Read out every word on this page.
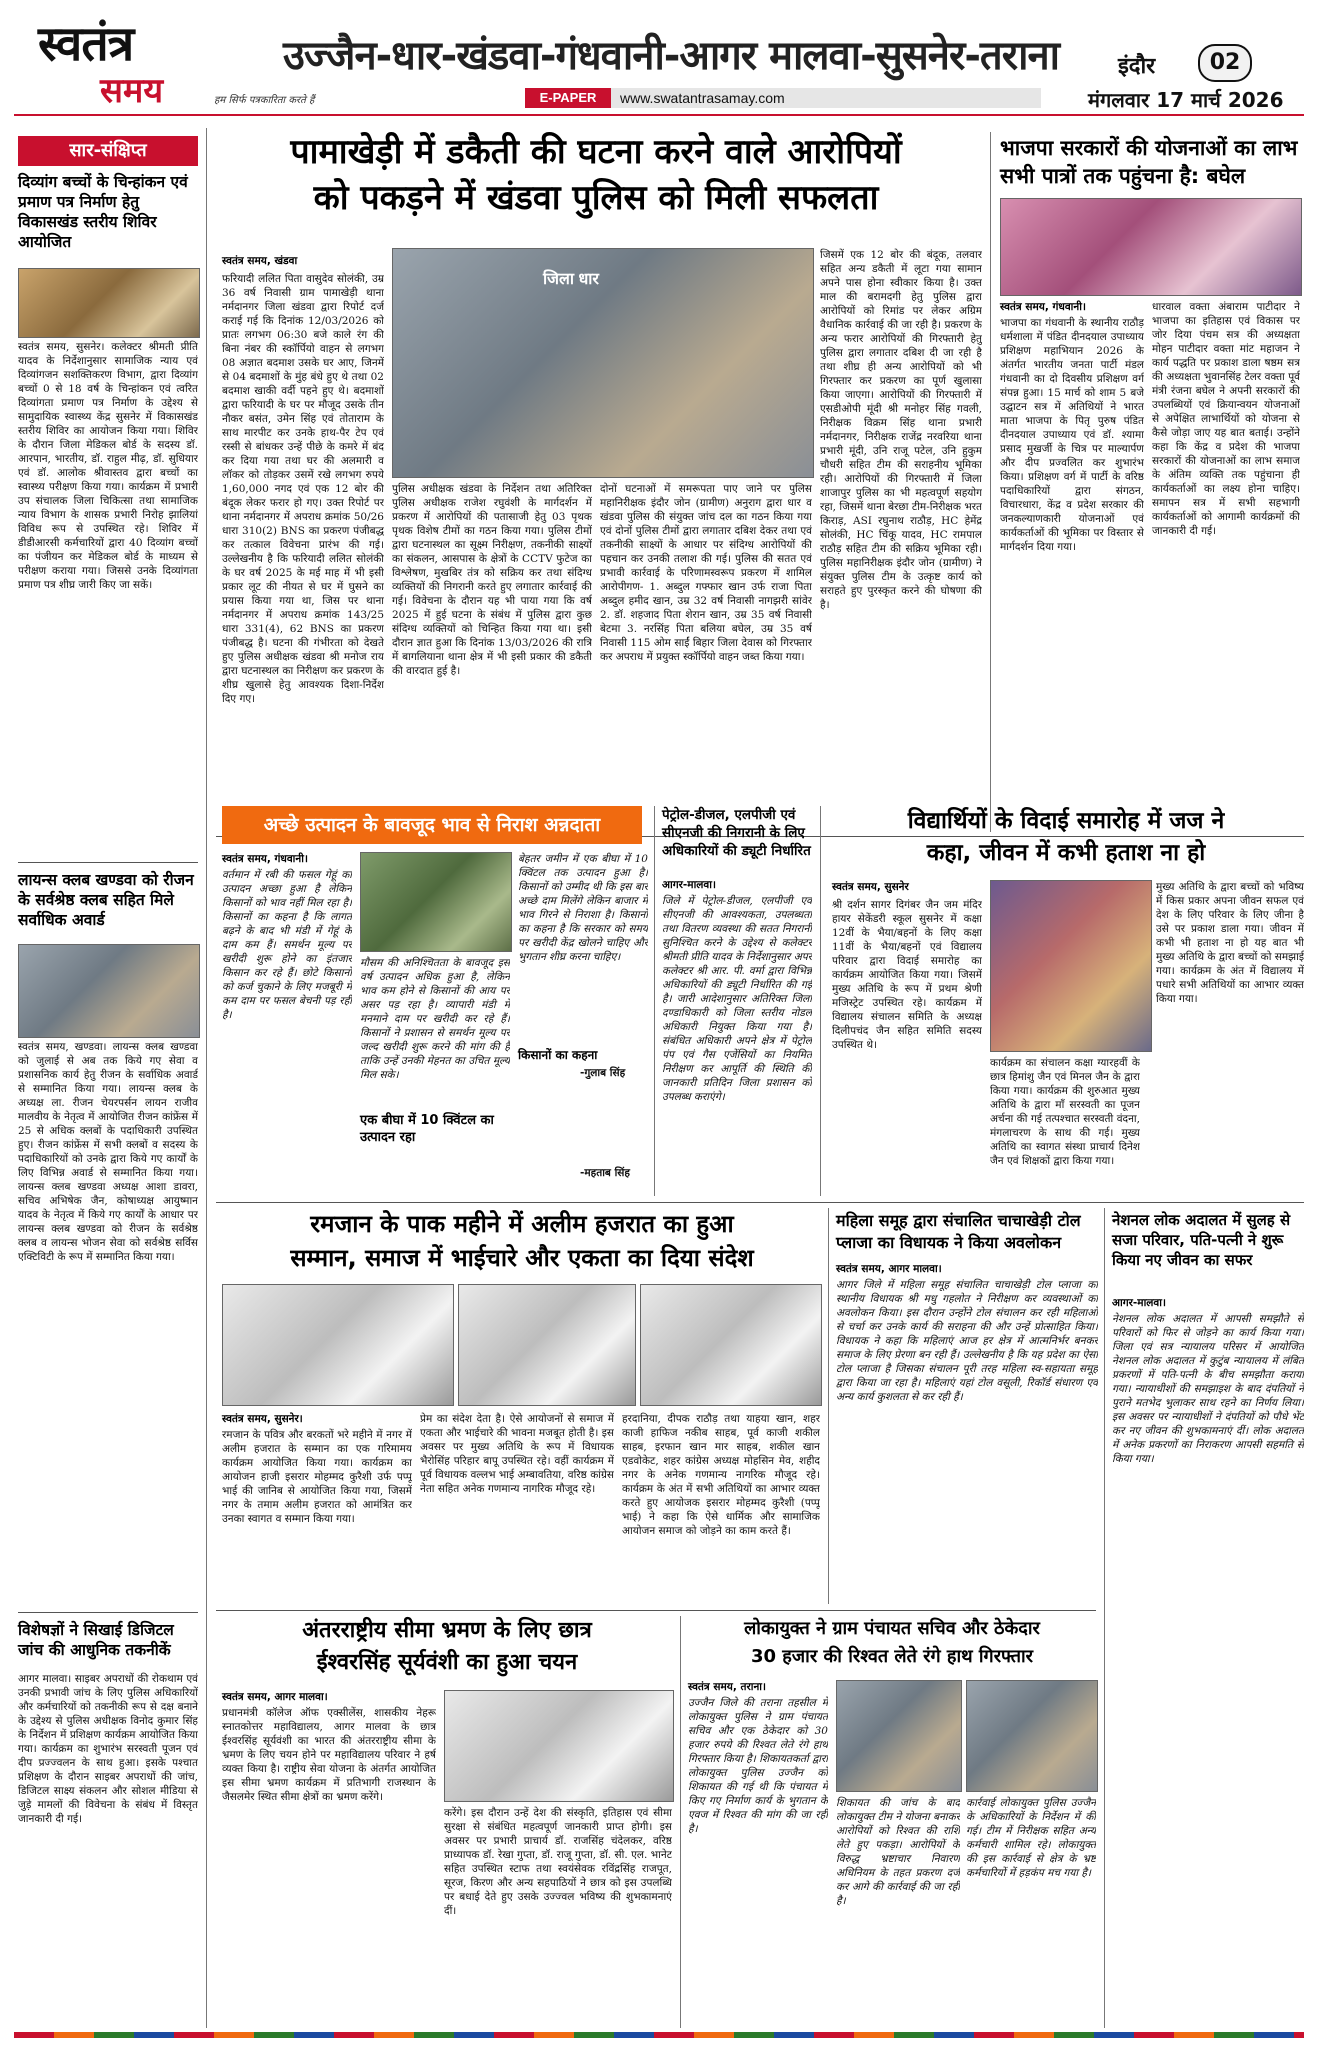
स्वतंत्र
समय	हम सिर्फ पत्रकारिता करते हैं
उज्जैन-धार-खंडवा-गंधवानी-आगर मालवा-सुसनेर-तराना
E-PAPER	www.swatantrasamay.com
इंदौर	02
मंगलवार 17 मार्च 2026
सार-संक्षिप्त
दिव्यांग बच्चों के चिन्हांकन एवं प्रमाण पत्र निर्माण हेतु विकासखंड स्तरीय शिविर आयोजित
स्वतंत्र समय, सुसनेर। कलेक्टर श्रीमती प्रीति यादव के निर्देशानुसार सामाजिक न्याय एवं दिव्यांगजन सशक्तिकरण विभाग, द्वारा दिव्यांग बच्चों 0 से 18 वर्ष के चिन्हांकन एवं त्वरित दिव्यांगता प्रमाण पत्र निर्माण के उद्देश्य से सामुदायिक स्वास्थ्य केंद्र सुसनेर में विकासखंड स्तरीय शिविर का आयोजन किया गया। शिविर के दौरान जिला मेडिकल बोर्ड के सदस्य डॉ. आरपान, भारतीय, डॉ. राहुल मीढ़, डॉ. सुधियार एवं डॉ. आलोक श्रीवास्तव द्वारा बच्चों का स्वास्थ्य परीक्षण किया गया। कार्यक्रम में प्रभारी उप संचालक जिला चिकित्सा तथा सामाजिक न्याय विभाग के शासक प्रभारी निरोह झालियां विविध रूप से उपस्थित रहे। शिविर में डीडीआरसी कर्मचारियों द्वारा 40 दिव्यांग बच्चों का पंजीयन कर मेडिकल बोर्ड के माध्यम से परीक्षण कराया गया। जिससे उनके दिव्यांगता प्रमाण पत्र शीघ्र जारी किए जा सकें।
लायन्स क्लब खण्डवा को रीजन के सर्वश्रेष्ठ क्लब सहित मिले सर्वाधिक अवार्ड
स्वतंत्र समय, खण्डवा। लायन्स क्लब खण्डवा को जुलाई से अब तक किये गए सेवा व प्रशासनिक कार्य हेतु रीजन के सर्वाधिक अवार्ड से सम्मानित किया गया। लायन्स क्लब के अध्यक्ष ला. रीजन चेयरपर्सन लायन राजीव मालवीय के नेतृत्व में आयोजित रीजन कांफ्रेंस में 25 से अधिक क्लबों के पदाधिकारी उपस्थित हुए। रीजन कांफ्रेंस में सभी क्लबों व सदस्य के पदाधिकारियों को उनके द्वारा किये गए कार्यों के लिए विभिन्न अवार्ड से सम्मानित किया गया। लायन्स क्लब खण्डवा अध्यक्ष आशा डावरा, सचिव अभिषेक जैन, कोषाध्यक्ष आयुष्मान यादव के नेतृत्व में किये गए कार्यों के आधार पर लायन्स क्लब खण्डवा को रीजन के सर्वश्रेष्ठ क्लब व लायन्स भोजन सेवा को सर्वश्रेष्ठ सर्विस एक्टिविटी के रूप में सम्मानित किया गया।
विशेषज्ञों ने सिखाई डिजिटल जांच की आधुनिक तकनीकें
आगर मालवा। साइबर अपराधों की रोकथाम एवं उनकी प्रभावी जांच के लिए पुलिस अधिकारियों और कर्मचारियों को तकनीकी रूप से दक्ष बनाने के उद्देश्य से पुलिस अधीक्षक विनोद कुमार सिंह के निर्देशन में प्रशिक्षण कार्यक्रम आयोजित किया गया। कार्यक्रम का शुभारंभ सरस्वती पूजन एवं दीप प्रज्ज्वलन के साथ हुआ। इसके पश्चात प्रशिक्षण के दौरान साइबर अपराधों की जांच, डिजिटल साक्ष्य संकलन और सोशल मीडिया से जुड़े मामलों की विवेचना के संबंध में विस्तृत जानकारी दी गई।
पामाखेड़ी में डकैती की घटना करने वाले आरोपियों
को पकड़ने में खंडवा पुलिस को मिली सफलता
स्वतंत्र समय, खंडवा
फरियादी ललित पिता वासुदेव सोलंकी, उम्र 36 वर्ष निवासी ग्राम पामाखेड़ी थाना नर्मदानगर जिला खंडवा द्वारा रिपोर्ट दर्ज कराई गई कि दिनांक 12/03/2026 को प्रातः लगभग 06:30 बजे काले रंग की बिना नंबर की स्कॉर्पियो वाहन से लगभग 08 अज्ञात बदमाश उसके घर आए, जिनमें से 04 बदमाशों के मुंह बंधे हुए थे तथा 02 बदमाश खाकी वर्दी पहने हुए थे। बदमाशों द्वारा फरियादी के घर पर मौजूद उसके तीन नौकर बसंत, उमेन सिंह एवं तोताराम के साथ मारपीट कर उनके हाथ-पैर टेप एवं रस्सी से बांधकर उन्हें पीछे के कमरे में बंद कर दिया गया तथा घर की अलमारी व लॉकर को तोड़कर उसमें रखे लगभग रुपये 1,60,000 नगद एवं एक 12 बोर की बंदूक लेकर फरार हो गए। उक्त रिपोर्ट पर थाना नर्मदानगर में अपराध क्रमांक 50/26 धारा 310(2) BNS का प्रकरण पंजीबद्ध कर तत्काल विवेचना प्रारंभ की गई। उल्लेखनीय है कि फरियादी ललित सोलंकी के घर वर्ष 2025 के मई माह में भी इसी प्रकार लूट की नीयत से घर में घुसने का प्रयास किया गया था, जिस पर थाना नर्मदानगर में अपराध क्रमांक 143/25 धारा 331(4), 62 BNS का प्रकरण पंजीबद्ध है। घटना की गंभीरता को देखते हुए पुलिस अधीक्षक खंडवा श्री मनोज राय द्वारा घटनास्थल का निरीक्षण कर प्रकरण के शीघ्र खुलासे हेतु आवश्यक दिशा-निर्देश दिए गए।
जिला धार
पुलिस अधीक्षक खंडवा के निर्देशन तथा अतिरिक्त पुलिस अधीक्षक राजेश रघुवंशी के मार्गदर्शन में प्रकरण में आरोपियों की पतासाजी हेतु 03 पृथक पृथक विशेष टीमों का गठन किया गया। पुलिस टीमों द्वारा घटनास्थल का सूक्ष्म निरीक्षण, तकनीकी साक्ष्यों का संकलन, आसपास के क्षेत्रों के CCTV फुटेज का विश्लेषण, मुखबिर तंत्र को सक्रिय कर तथा संदिग्ध व्यक्तियों की निगरानी करते हुए लगातार कार्रवाई की गई। विवेचना के दौरान यह भी पाया गया कि वर्ष 2025 में हुई घटना के संबंध में पुलिस द्वारा कुछ संदिग्ध व्यक्तियों को चिन्हित किया गया था। इसी दौरान ज्ञात हुआ कि दिनांक 13/03/2026 की रात्रि में बागलियाना थाना क्षेत्र में भी इसी प्रकार की डकैती की वारदात हुई है।
दोनों घटनाओं में समरूपता पाए जाने पर पुलिस महानिरीक्षक इंदौर जोन (ग्रामीण) अनुराग द्वारा धार व खंडवा पुलिस की संयुक्त जांच दल का गठन किया गया एवं दोनों पुलिस टीमों द्वारा लगातार दबिश देकर तथा एवं तकनीकी साक्ष्यों के आधार पर संदिग्ध आरोपियों की पहचान कर उनकी तलाश की गई। पुलिस की सतत एवं प्रभावी कार्रवाई के परिणामस्वरूप प्रकरण में शामिल आरोपीगण- 1. अब्दुल गफ्फार खान उर्फ राजा पिता अब्दुल हमीद खान, उम्र 32 वर्ष निवासी नागझरी सांवेर 2. डॉ. शहजाद पिता शेरान खान, उम्र 35 वर्ष निवासी बेटमा 3. नरसिंह पिता बलिया बघेल, उम्र 35 वर्ष निवासी 115 ओम साईं बिहार जिला देवास को गिरफ्तार कर अपराध में प्रयुक्त स्कॉर्पियो वाहन जब्त किया गया।
जिसमें एक 12 बोर की बंदूक, तलवार सहित अन्य डकैती में लूटा गया सामान अपने पास होना स्वीकार किया है। उक्त माल की बरामदगी हेतु पुलिस द्वारा आरोपियों को रिमांड पर लेकर अग्रिम वैधानिक कार्रवाई की जा रही है। प्रकरण के अन्य फरार आरोपियों की गिरफ्तारी हेतु पुलिस द्वारा लगातार दबिश दी जा रही है तथा शीघ्र ही अन्य आरोपियों को भी गिरफ्तार कर प्रकरण का पूर्ण खुलासा किया जाएगा। आरोपियों की गिरफ्तारी में एसडीओपी मूंदी श्री मनोहर सिंह गवली, निरीक्षक विक्रम सिंह थाना प्रभारी नर्मदानगर, निरीक्षक राजेंद्र नरवरिया थाना प्रभारी मूंदी, उनि राजू पटेल, उनि हुकुम चौधरी सहित टीम की सराहनीय भूमिका रही। आरोपियों की गिरफ्तारी में जिला शाजापुर पुलिस का भी महत्वपूर्ण सहयोग रहा, जिसमें थाना बेरछा टीम-निरीक्षक भरत किराड़, ASI रघुनाथ राठौड़, HC हेमेंद्र सोलंकी, HC चिंकू यादव, HC रामपाल राठौड़ सहित टीम की सक्रिय भूमिका रही। पुलिस महानिरीक्षक इंदौर जोन (ग्रामीण) ने संयुक्त पुलिस टीम के उत्कृष्ट कार्य को सराहते हुए पुरस्कृत करने की घोषणा की है।
भाजपा सरकारों की योजनाओं का लाभ सभी पात्रों तक पहुंचना है: बघेल
स्वतंत्र समय, गंधवानी।
भाजपा का गंधवानी के स्थानीय राठौड़ धर्मशाला में पंडित दीनदयाल उपाध्याय प्रशिक्षण महाभियान 2026 के अंतर्गत भारतीय जनता पार्टी मंडल गंधवानी का दो दिवसीय प्रशिक्षण वर्ग संपन्न हुआ। 15 मार्च को शाम 5 बजे उद्घाटन सत्र में अतिथियों ने भारत माता भाजपा के पितृ पुरुष पंडित दीनदयाल उपाध्याय एवं डॉ. श्यामा प्रसाद मुखर्जी के चित्र पर माल्यार्पण और दीप प्रज्वलित कर शुभारंभ किया। प्रशिक्षण वर्ग में पार्टी के वरिष्ठ पदाधिकारियों द्वारा संगठन, विचारधारा, केंद्र व प्रदेश सरकार की जनकल्याणकारी योजनाओं एवं कार्यकर्ताओं की भूमिका पर विस्तार से मार्गदर्शन दिया गया।
धारवाल वक्ता अंबाराम पाटीदार ने भाजपा का इतिहास एवं विकास पर जोर दिया पंचम सत्र की अध्यक्षता मोहन पाटीदार वक्ता मांट महाजन ने कार्य पद्धति पर प्रकाश डाला षष्ठम सत्र की अध्यक्षता भुवानसिंह टेलर वक्ता पूर्व मंत्री रंजना बघेल ने अपनी सरकारों की उपलब्धियों एवं क्रियान्वयन योजनाओं से अपेक्षित लाभार्थियों को योजना से कैसे जोड़ा जाए यह बात बताई। उन्होंने कहा कि केंद्र व प्रदेश की भाजपा सरकारों की योजनाओं का लाभ समाज के अंतिम व्यक्ति तक पहुंचाना ही कार्यकर्ताओं का लक्ष्य होना चाहिए। समापन सत्र में सभी सहभागी कार्यकर्ताओं को आगामी कार्यक्रमों की जानकारी दी गई।
अच्छे उत्पादन के बावजूद भाव से निराश अन्नदाता
स्वतंत्र समय, गंधवानी।
वर्तमान में रबी की फसल गेहूं का उत्पादन अच्छा हुआ है लेकिन किसानों को भाव नहीं मिल रहा है। किसानों का कहना है कि लागत बढ़ने के बाद भी मंडी में गेहूं के दाम कम हैं। समर्थन मूल्य पर खरीदी शुरू होने का इंतजार किसान कर रहे हैं। छोटे किसानों को कर्ज चुकाने के लिए मजबूरी में कम दाम पर फसल बेचनी पड़ रही है।
मौसम की अनिश्चितता के बावजूद इस वर्ष उत्पादन अधिक हुआ है, लेकिन भाव कम होने से किसानों की आय पर असर पड़ रहा है। व्यापारी मंडी में मनमाने दाम पर खरीदी कर रहे हैं। किसानों ने प्रशासन से समर्थन मूल्य पर जल्द खरीदी शुरू करने की मांग की है ताकि उन्हें उनकी मेहनत का उचित मूल्य मिल सके।
एक बीघा में 10 क्विंटल का उत्पादन रहा
बेहतर जमीन में एक बीघा में 10 क्विंटल तक उत्पादन हुआ है। किसानों को उम्मीद थी कि इस बार अच्छे दाम मिलेंगे लेकिन बाजार में भाव गिरने से निराशा है। किसानों का कहना है कि सरकार को समय पर खरीदी केंद्र खोलने चाहिए और भुगतान शीघ्र करना चाहिए।
किसानों का कहना
-गुलाब सिंह
-महताब सिंह
पेट्रोल-डीजल, एलपीजी एवं सीएनजी की निगरानी के लिए अधिकारियों की ड्यूटी निर्धारित
आगर-मालवा।
जिले में पेट्रोल-डीजल, एलपीजी एवं सीएनजी की आवश्यकता, उपलब्धता तथा वितरण व्यवस्था की सतत निगरानी सुनिश्चित करने के उद्देश्य से कलेक्टर श्रीमती प्रीति यादव के निर्देशानुसार अपर कलेक्टर श्री आर. पी. वर्मा द्वारा विभिन्न अधिकारियों की ड्यूटी निर्धारित की गई है। जारी आदेशानुसार अतिरिक्त जिला दण्डाधिकारी को जिला स्तरीय नोडल अधिकारी नियुक्त किया गया है। संबंधित अधिकारी अपने क्षेत्र में पेट्रोल पंप एवं गैस एजेंसियों का नियमित निरीक्षण कर आपूर्ति की स्थिति की जानकारी प्रतिदिन जिला प्रशासन को उपलब्ध कराएंगे।
विद्यार्थियों के विदाई समारोह में जज ने
कहा, जीवन में कभी हताश ना हो
स्वतंत्र समय, सुसनेर
श्री दर्शन सागर दिगंबर जैन जम मंदिर हायर सेकेंडरी स्कूल सुसनेर में कक्षा 12वीं के भैया/बहनों के लिए कक्षा 11वीं के भैया/बहनों एवं विद्यालय परिवार द्वारा विदाई समारोह का कार्यक्रम आयोजित किया गया। जिसमें मुख्य अतिथि के रूप में प्रथम श्रेणी मजिस्ट्रेट उपस्थित रहे। कार्यक्रम में विद्यालय संचालन समिति के अध्यक्ष दिलीपचंद जैन सहित समिति सदस्य उपस्थित थे।
कार्यक्रम का संचालन कक्षा ग्यारहवीं के छात्र हिमांशु जैन एवं मिनल जैन के द्वारा किया गया। कार्यक्रम की शुरुआत मुख्य अतिथि के द्वारा माँ सरस्वती का पूजन अर्चना की गई तत्पश्चात सरस्वती वंदना, मंगलाचरण के साथ की गई। मुख्य अतिथि का स्वागत संस्था प्राचार्य दिनेश जैन एवं शिक्षकों द्वारा किया गया।
मुख्य अतिथि के द्वारा बच्चों को भविष्य में किस प्रकार अपना जीवन सफल एवं देश के लिए परिवार के लिए जीना है उसे पर प्रकाश डाला गया। जीवन में कभी भी हताश ना हो यह बात भी मुख्य अतिथि के द्वारा बच्चों को समझाई गया। कार्यक्रम के अंत में विद्यालय में पधारे सभी अतिथियों का आभार व्यक्त किया गया।
रमजान के पाक महीने में अलीम हजरात का हुआ
सम्मान, समाज में भाईचारे और एकता का दिया संदेश
स्वतंत्र समय, सुसनेर।
रमजान के पवित्र और बरकतों भरे महीने में नगर में अलीम हजरात के सम्मान का एक गरिमामय कार्यक्रम आयोजित किया गया। कार्यक्रम का आयोजन हाजी इसरार मोहम्मद कुरैशी उर्फ पप्पू भाई की जानिब से आयोजित किया गया, जिसमें नगर के तमाम अलीम हजरात को आमंत्रित कर उनका स्वागत व सम्मान किया गया।
प्रेम का संदेश देता है। ऐसे आयोजनों से समाज में एकता और भाईचारे की भावना मजबूत होती है। इस अवसर पर मुख्य अतिथि के रूप में विधायक भैरोसिंह परिहार बापू उपस्थित रहे। वहीं कार्यक्रम में पूर्व विधायक वल्लभ भाई अम्बावतिया, वरिष्ठ कांग्रेस नेता सहित अनेक गणमान्य नागरिक मौजूद रहे।
हरदानिया, दीपक राठौड़ तथा याहया खान, शहर काजी हाफिज नकीब साहब, पूर्व काजी शकील साहब, इरफान खान मार साहब, शकील खान एडवोकेट, शहर कांग्रेस अध्यक्ष मोहसिन मेव, शहीद नगर के अनेक गणमान्य नागरिक मौजूद रहे। कार्यक्रम के अंत में सभी अतिथियों का आभार व्यक्त करते हुए आयोजक इसरार मोहम्मद कुरैशी (पप्पू भाई) ने कहा कि ऐसे धार्मिक और सामाजिक आयोजन समाज को जोड़ने का काम करते हैं।
महिला समूह द्वारा संचालित चाचाखेड़ी टोल प्लाजा का विधायक ने किया अवलोकन
स्वतंत्र समय, आगर मालवा।
आगर जिले में महिला समूह संचालित चाचाखेड़ी टोल प्लाजा का स्थानीय विधायक श्री मधु गहलोत ने निरीक्षण कर व्यवस्थाओं का अवलोकन किया। इस दौरान उन्होंने टोल संचालन कर रही महिलाओं से चर्चा कर उनके कार्य की सराहना की और उन्हें प्रोत्साहित किया। विधायक ने कहा कि महिलाएं आज हर क्षेत्र में आत्मनिर्भर बनकर समाज के लिए प्रेरणा बन रही हैं। उल्लेखनीय है कि यह प्रदेश का ऐसा टोल प्लाजा है जिसका संचालन पूरी तरह महिला स्व-सहायता समूह द्वारा किया जा रहा है। महिलाएं यहां टोल वसूली, रिकॉर्ड संधारण एवं अन्य कार्य कुशलता से कर रही हैं।
नेशनल लोक अदालत में सुलह से सजा परिवार, पति-पत्नी ने शुरू किया नए जीवन का सफर
आगर-मालवा।
नेशनल लोक अदालत में आपसी समझौते से परिवारों को फिर से जोड़ने का कार्य किया गया। जिला एवं सत्र न्यायालय परिसर में आयोजित नेशनल लोक अदालत में कुटुंब न्यायालय में लंबित प्रकरणों में पति-पत्नी के बीच समझौता कराया गया। न्यायाधीशों की समझाइश के बाद दंपतियों ने पुराने मतभेद भुलाकर साथ रहने का निर्णय लिया। इस अवसर पर न्यायाधीशों ने दंपतियों को पौधे भेंट कर नए जीवन की शुभकामनाएं दीं। लोक अदालत में अनेक प्रकरणों का निराकरण आपसी सहमति से किया गया।
अंतरराष्ट्रीय सीमा भ्रमण के लिए छात्र
ईश्वरसिंह सूर्यवंशी का हुआ चयन
स्वतंत्र समय, आगर मालवा।
प्रधानमंत्री कॉलेज ऑफ एक्सीलेंस, शासकीय नेहरू स्नातकोत्तर महाविद्यालय, आगर मालवा के छात्र ईश्वरसिंह सूर्यवंशी का भारत की अंतरराष्ट्रीय सीमा के भ्रमण के लिए चयन होने पर महाविद्यालय परिवार ने हर्ष व्यक्त किया है। राष्ट्रीय सेवा योजना के अंतर्गत आयोजित इस सीमा भ्रमण कार्यक्रम में प्रतिभागी राजस्थान के जैसलमेर स्थित सीमा क्षेत्रों का भ्रमण करेंगे।
करेंगे। इस दौरान उन्हें देश की संस्कृति, इतिहास एवं सीमा सुरक्षा से संबंधित महत्वपूर्ण जानकारी प्राप्त होगी। इस अवसर पर प्रभारी प्राचार्य डॉ. राजसिंह चंदेलकर, वरिष्ठ प्राध्यापक डॉ. रेखा गुप्ता, डॉ. राजू गुप्ता, डॉ. सी. एल. भानेट सहित उपस्थित स्टाफ तथा स्वयंसेवक रविंद्रसिंह राजपूत, सूरज, किरण और अन्य सहपाठियों ने छात्र को इस उपलब्धि पर बधाई देते हुए उसके उज्ज्वल भविष्य की शुभकामनाएं दीं।
लोकायुक्त ने ग्राम पंचायत सचिव और ठेकेदार
30 हजार की रिश्वत लेते रंगे हाथ गिरफ्तार
स्वतंत्र समय, तराना।
उज्जैन जिले की तराना तहसील में लोकायुक्त पुलिस ने ग्राम पंचायत सचिव और एक ठेकेदार को 30 हजार रुपये की रिश्वत लेते रंगे हाथ गिरफ्तार किया है। शिकायतकर्ता द्वारा लोकायुक्त पुलिस उज्जैन को शिकायत की गई थी कि पंचायत में किए गए निर्माण कार्य के भुगतान के एवज में रिश्वत की मांग की जा रही है।
शिकायत की जांच के बाद लोकायुक्त टीम ने योजना बनाकर आरोपियों को रिश्वत की राशि लेते हुए पकड़ा। आरोपियों के विरुद्ध भ्रष्टाचार निवारण अधिनियम के तहत प्रकरण दर्ज कर आगे की कार्रवाई की जा रही है।
कार्रवाई लोकायुक्त पुलिस उज्जैन के अधिकारियों के निर्देशन में की गई। टीम में निरीक्षक सहित अन्य कर्मचारी शामिल रहे। लोकायुक्त की इस कार्रवाई से क्षेत्र के भ्रष्ट कर्मचारियों में हड़कंप मच गया है।
